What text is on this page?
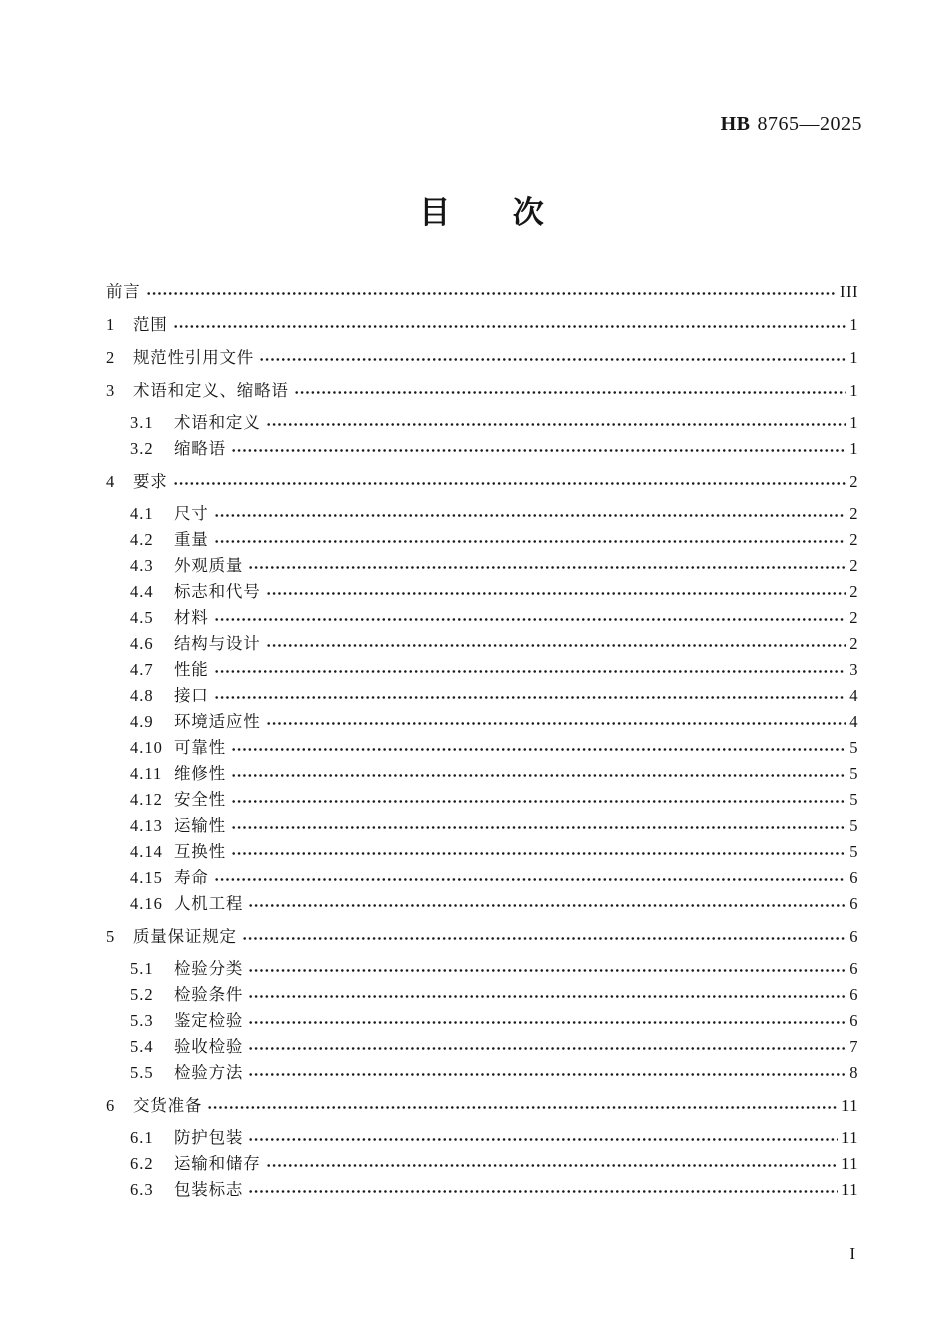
HB 8765—2025
目 次
前言	III
1	范围	1
2	规范性引用文件	1
3	术语和定义、缩略语	1
3.1	术语和定义	1
3.2	缩略语	1
4	要求	2
4.1	尺寸	2
4.2	重量	2
4.3	外观质量	2
4.4	标志和代号	2
4.5	材料	2
4.6	结构与设计	2
4.7	性能	3
4.8	接口	4
4.9	环境适应性	4
4.10 可靠性	5
4.11 维修性	5
4.12 安全性	5
4.13 运输性	5
4.14 互换性	5
4.15 寿命	6
4.16 人机工程	6
5	质量保证规定	6
5.1	检验分类	6
5.2	检验条件	6
5.3	鉴定检验	6
5.4	验收检验	7
5.5	检验方法	8
6	交货准备	11
6.1	防护包装	11
6.2	运输和储存	11
6.3	包装标志	11
I
